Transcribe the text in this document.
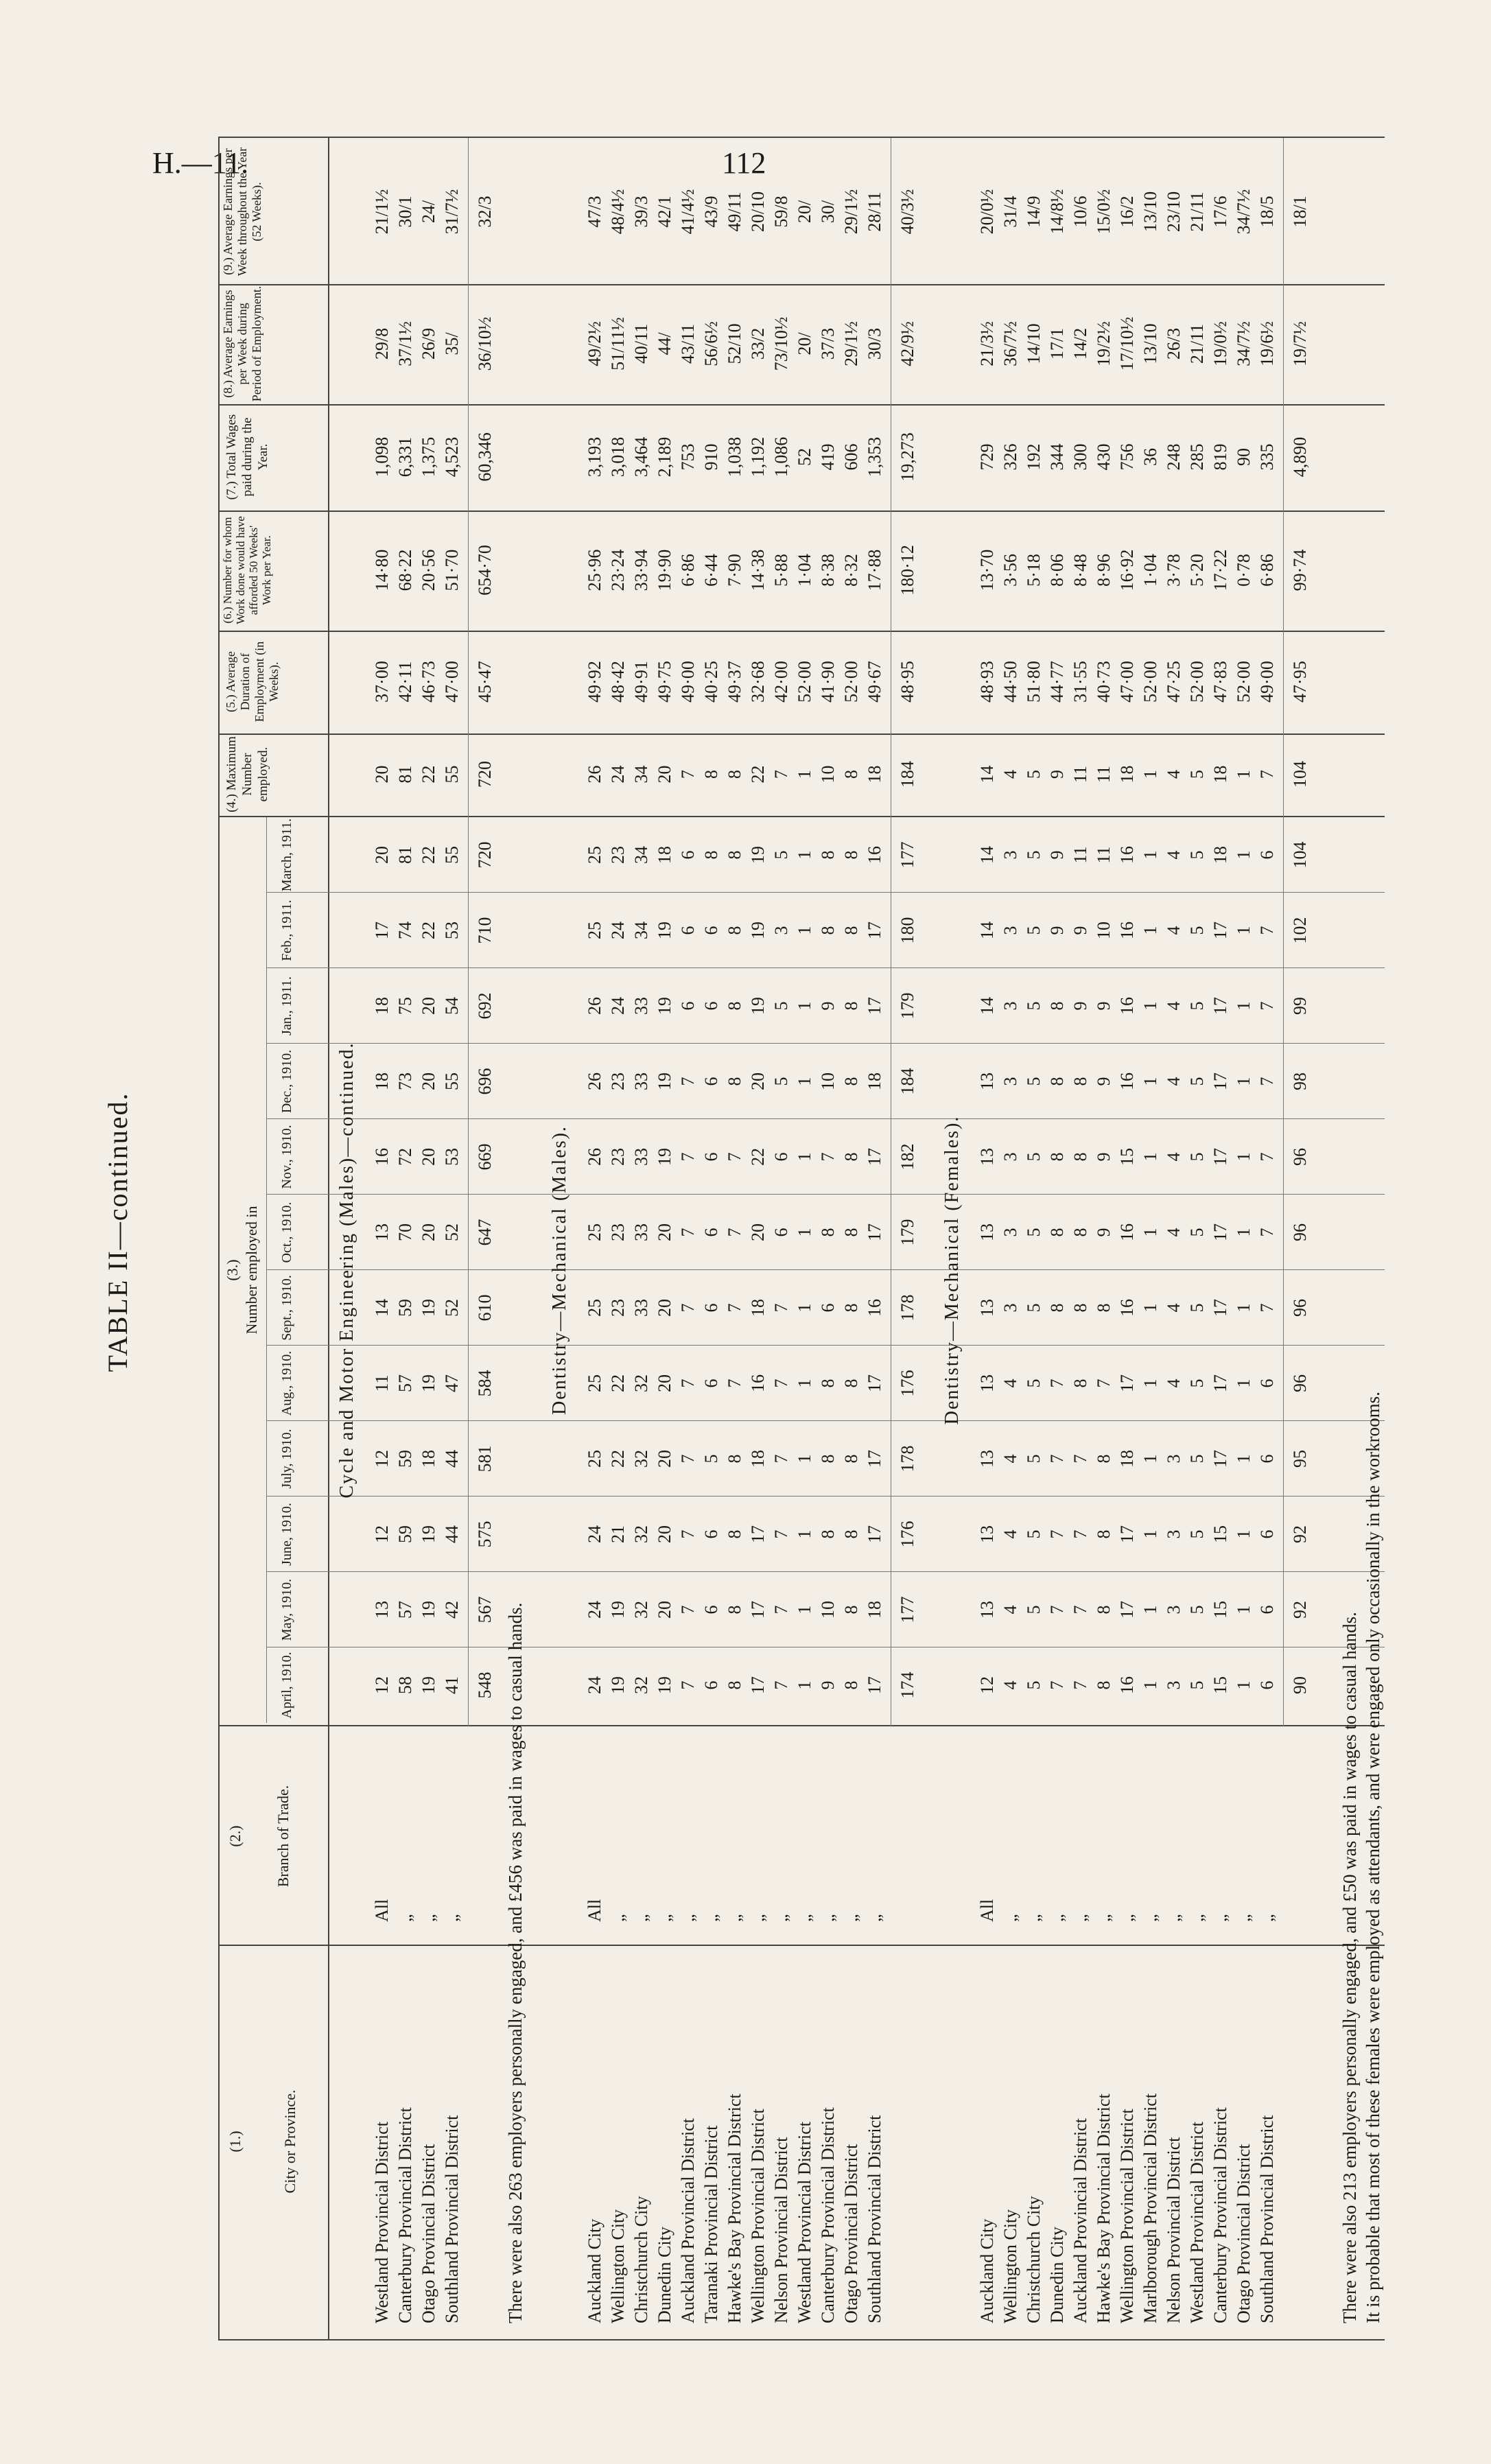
H.—11.	112
TABLE II—continued.
(1.)	City or Province.
(2.) Branch of Trade.
(3.) Number employed in
April, 1910.
May, 1910.
June, 1910.
July, 1910.
Aug., 1910.
Sept., 1910.
Oct., 1910.
Nov., 1910.
Dec., 1910.
Jan., 1911.
Feb., 1911.
March, 1911.
(4.) Maximum Number employed.
(5.) Average Duration of Employment (in Weeks).
(6.) Number for whom Work done would have afforded 50 Weeks' Work per Year.
(7.) Total Wages paid during the Year.
(8.) Average Earnings per Week during Period of Employment.
(9.) Average Earnings per Week throughout the Year (52 Weeks).
Cycle and Motor Engineering (Males)—continued.
Westland Provincial District
All
12
13
12
12
11
14
13
16
18
18
17
20
20
37·00
14·80
1,098
29/8
21/1½
Canterbury Provincial District
„
58
57
59
59
57
59
70
72
73
75
74
81
81
42·11
68·22
6,331
37/1½
30/1
Otago Provincial District
„
19
19
19
18
19
19
20
20
20
20
22
22
22
46·73
20·56
1,375
26/9
24/
Southland Provincial District
„
41
42
44
44
47
52
52
53
55
54
53
55
55
47·00
51·70
4,523
35/
31/7½
548
567
575
581
584
610
647
669
696
692
710
720
720
45·47
654·70
60,346
36/10½
32/3
There were also 263 employers personally engaged, and £456 was paid in wages to casual hands.
Dentistry—Mechanical (Males).
Auckland City
All
24
24
24
25
25
25
25
26
26
26
25
25
26
49·92
25·96
3,193
49/2½
47/3
Wellington City
„
19
19
21
22
22
23
23
23
23
24
24
23
24
48·42
23·24
3,018
51/11½
48/4½
Christchurch City
„
32
32
32
32
32
33
33
33
33
33
34
34
34
49·91
33·94
3,464
40/11
39/3
Dunedin City
„
19
20
20
20
20
20
20
19
19
19
19
18
20
49·75
19·90
2,189
44/
42/1
Auckland Provincial District
„
7
7
7
7
7
7
7
7
7
6
6
6
7
49·00
6·86
753
43/11
41/4½
Taranaki Provincial District
„
6
6
6
5
6
6
6
6
6
6
6
8
8
40·25
6·44
910
56/6½
43/9
Hawke's Bay Provincial District
„
8
8
8
8
7
7
7
7
8
8
8
8
8
49·37
7·90
1,038
52/10
49/11
Wellington Provincial District
„
17
17
17
18
16
18
20
22
20
19
19
19
22
32·68
14·38
1,192
33/2
20/10
Nelson Provincial District
„
7
7
7
7
7
7
6
6
5
5
3
5
7
42·00
5·88
1,086
73/10½
59/8
Westland Provincial District
„
1
1
1
1
1
1
1
1
1
1
1
1
1
52·00
1·04
52
20/
20/
Canterbury Provincial District
„
9
10
8
8
8
6
8
7
10
9
8
8
10
41·90
8·38
419
37/3
30/
Otago Provincial District
„
8
8
8
8
8
8
8
8
8
8
8
8
8
52·00
8·32
606
29/1½
29/1½
Southland Provincial District
„
17
18
17
17
17
16
17
17
18
17
17
16
18
49·67
17·88
1,353
30/3
28/11
174
177
176
178
176
178
179
182
184
179
180
177
184
48·95
180·12
19,273
42/9½
40/3½
Dentistry—Mechanical (Females).
Auckland City
All
12
13
13
13
13
13
13
13
13
14
14
14
14
48·93
13·70
729
21/3½
20/0½
Wellington City
„
4
4
4
4
4
3
3
3
3
3
3
3
4
44·50
3·56
326
36/7½
31/4
Christchurch City
„
5
5
5
5
5
5
5
5
5
5
5
5
5
51·80
5·18
192
14/10
14/9
Dunedin City
„
7
7
7
7
7
8
8
8
8
8
9
9
9
44·77
8·06
344
17/1
14/8½
Auckland Provincial District
„
7
7
7
7
8
8
8
8
8
9
9
11
11
31·55
8·48
300
14/2
10/6
Hawke's Bay Provincial District
„
8
8
8
8
7
8
9
9
9
9
10
11
11
40·73
8·96
430
19/2½
15/0½
Wellington Provincial District
„
16
17
17
18
17
16
16
15
16
16
16
16
18
47·00
16·92
756
17/10½
16/2
Marlborough Provincial District
„
1
1
1
1
1
1
1
1
1
1
1
1
1
52·00
1·04
36
13/10
13/10
Nelson Provincial District
„
3
3
3
3
4
4
4
4
4
4
4
4
4
47·25
3·78
248
26/3
23/10
Westland Provincial District
„
5
5
5
5
5
5
5
5
5
5
5
5
5
52·00
5·20
285
21/11
21/11
Canterbury Provincial District
„
15
15
15
17
17
17
17
17
17
17
17
18
18
47·83
17·22
819
19/0½
17/6
Otago Provincial District
„
1
1
1
1
1
1
1
1
1
1
1
1
1
52·00
0·78
90
34/7½
34/7½
Southland Provincial District
„
6
6
6
6
6
7
7
7
7
7
7
6
7
49·00
6·86
335
19/6½
18/5
90
92
92
95
96
96
96
96
98
99
102
104
104
47·95
99·74
4,890
19/7½
18/1
There were also 213 employers personally engaged, and £50 was paid in wages to casual hands. It is probable that most of these females were employed as attendants, and were engaged only occasionally in the workrooms.
